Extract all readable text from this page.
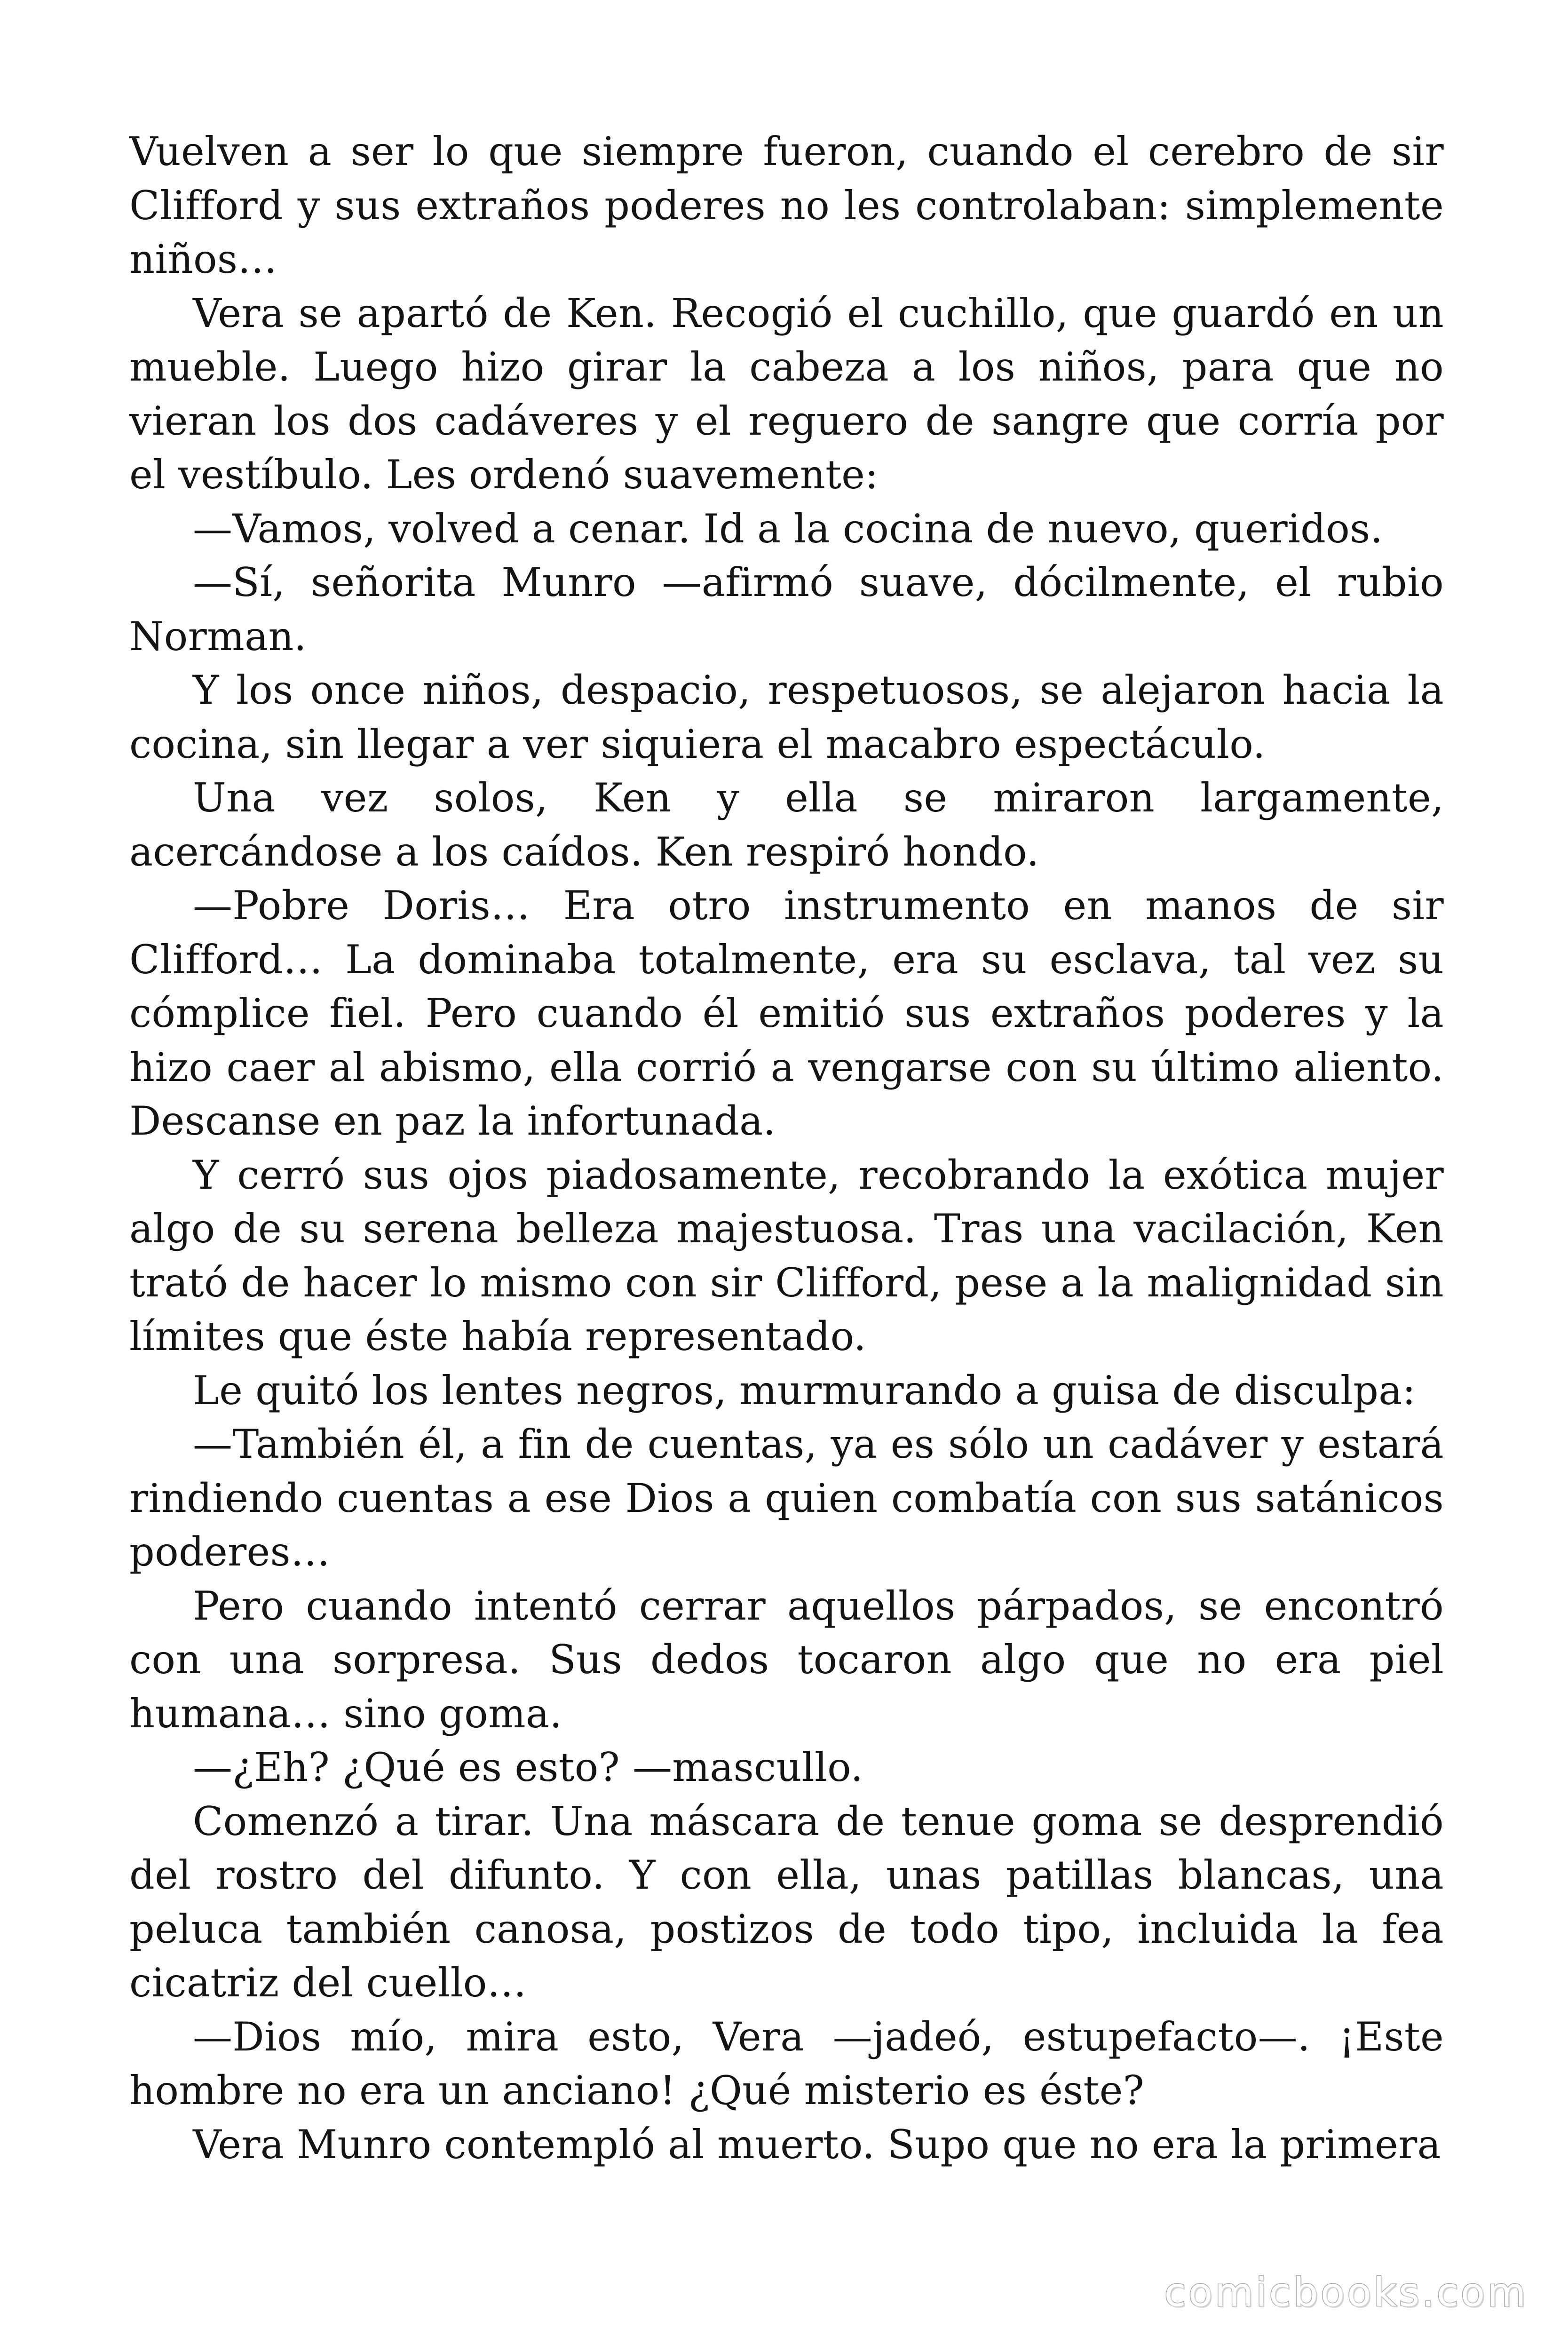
Vuelven a ser lo que siempre fueron, cuando el cerebro de sir Clifford y sus extraños poderes no les controlaban: simplemente niños…

Vera se apartó de Ken. Recogió el cuchillo, que guardó en un mueble. Luego hizo girar la cabeza a los niños, para que no vieran los dos cadáveres y el reguero de sangre que corría por el vestíbulo. Les ordenó suavemente:

—Vamos, volved a cenar. Id a la cocina de nuevo, queridos.

—Sí, señorita Munro —afirmó suave, dócilmente, el rubio Norman.

Y los once niños, despacio, respetuosos, se alejaron hacia la cocina, sin llegar a ver siquiera el macabro espectáculo.

Una vez solos, Ken y ella se miraron largamente, acercándose a los caídos. Ken respiró hondo.

—Pobre Doris… Era otro instrumento en manos de sir Clifford… La dominaba totalmente, era su esclava, tal vez su cómplice fiel. Pero cuando él emitió sus extraños poderes y la hizo caer al abismo, ella corrió a vengarse con su último aliento. Descanse en paz la infortunada.

Y cerró sus ojos piadosamente, recobrando la exótica mujer algo de su serena belleza majestuosa. Tras una vacilación, Ken trató de hacer lo mismo con sir Clifford, pese a la malignidad sin límites que éste había representado.

Le quitó los lentes negros, murmurando a guisa de disculpa:

—También él, a fin de cuentas, ya es sólo un cadáver y estará rindiendo cuentas a ese Dios a quien combatía con sus satánicos poderes…

Pero cuando intentó cerrar aquellos párpados, se encontró con una sorpresa. Sus dedos tocaron algo que no era piel humana… sino goma.

—¿Eh? ¿Qué es esto? —mascullo.

Comenzó a tirar. Una máscara de tenue goma se desprendió del rostro del difunto. Y con ella, unas patillas blancas, una peluca también canosa, postizos de todo tipo, incluida la fea cicatriz del cuello…

—Dios mío, mira esto, Vera —jadeó, estupefacto—. ¡Este hombre no era un anciano! ¿Qué misterio es éste?

Vera Munro contempló al muerto. Supo que no era la primera

comicbooks.com
